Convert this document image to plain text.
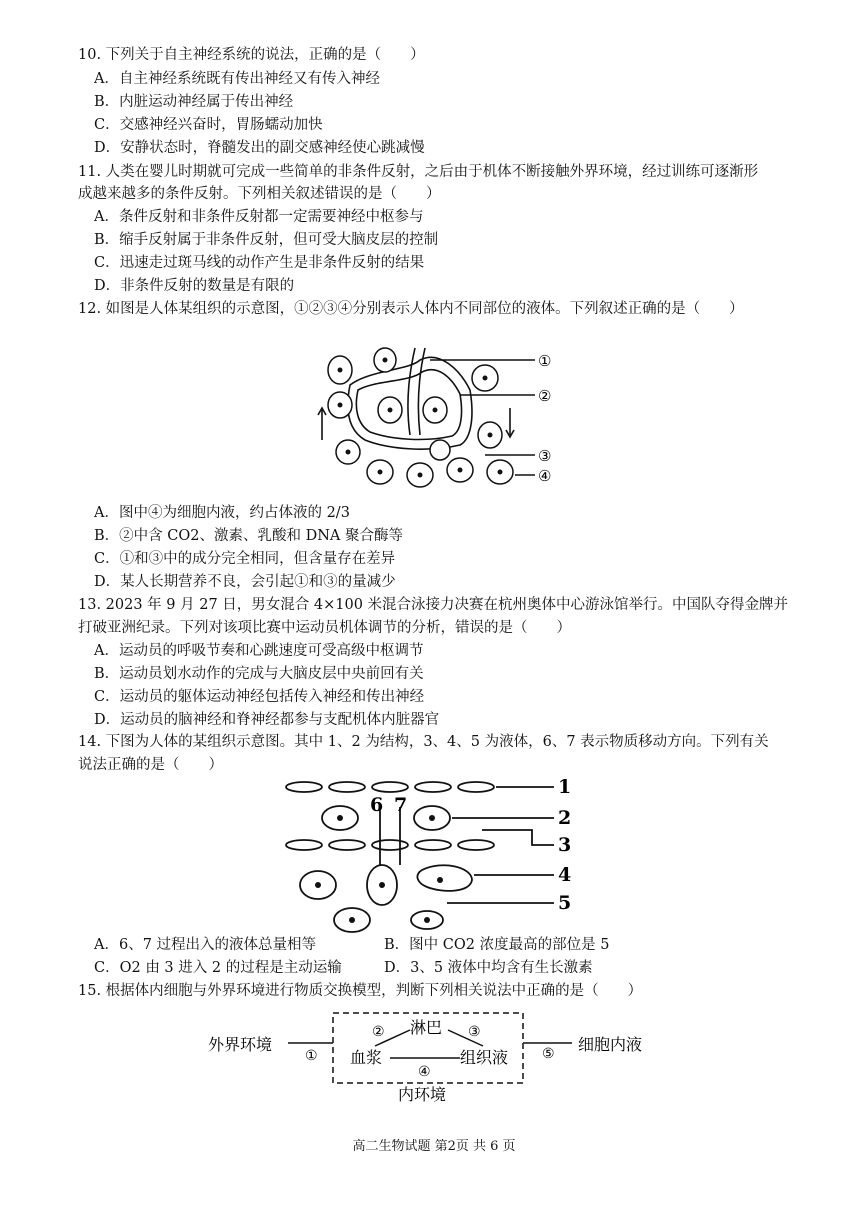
10. 下列关于自主神经系统的说法，正确的是（　　）
A．自主神经系统既有传出神经又有传入神经
B．内脏运动神经属于传出神经
C．交感神经兴奋时，胃肠蠕动加快
D．安静状态时，脊髓发出的副交感神经使心跳减慢
11. 人类在婴儿时期就可完成一些简单的非条件反射，之后由于机体不断接触外界环境，经过训练可逐渐形
成越来越多的条件反射。下列相关叙述错误的是（　　）
A．条件反射和非条件反射都一定需要神经中枢参与
B．缩手反射属于非条件反射，但可受大脑皮层的控制
C．迅速走过斑马线的动作产生是非条件反射的结果
D．非条件反射的数量是有限的
12. 如图是人体某组织的示意图，①②③④分别表示人体内不同部位的液体。下列叙述正确的是（　　）
①
②
③
④
A．图中④为细胞内液，约占体液的 2/3
B．②中含 CO2、激素、乳酸和 DNA 聚合酶等
C．①和③中的成分完全相同，但含量存在差异
D．某人长期营养不良，会引起①和③的量减少
13. 2023 年 9 月 27 日，男女混合 4×100 米混合泳接力决赛在杭州奥体中心游泳馆举行。中国队夺得金牌并
打破亚洲纪录。下列对该项比赛中运动员机体调节的分析，错误的是（　　）
A．运动员的呼吸节奏和心跳速度可受高级中枢调节
B．运动员划水动作的完成与大脑皮层中央前回有关
C．运动员的躯体运动神经包括传入神经和传出神经
D．运动员的脑神经和脊神经都参与支配机体内脏器官
14. 下图为人体的某组织示意图。其中 1、2 为结构，3、4、5 为液体，6、7 表示物质移动方向。下列有关
说法正确的是（　　）
1
2
3
4
5
6 7
A．6、7 过程出入的液体总量相等	B．图中 CO2 浓度最高的部位是 5
C．O2 由 3 进入 2 的过程是主动运输	D．3、5 液体中均含有生长激素
15. 根据体内细胞与外界环境进行物质交换模型，判断下列相关说法中正确的是（　　）
外界环境
淋巴
血浆	组织液
细胞内液
内环境
①
②	③
④
⑤
高二生物试题 第2页 共 6 页
